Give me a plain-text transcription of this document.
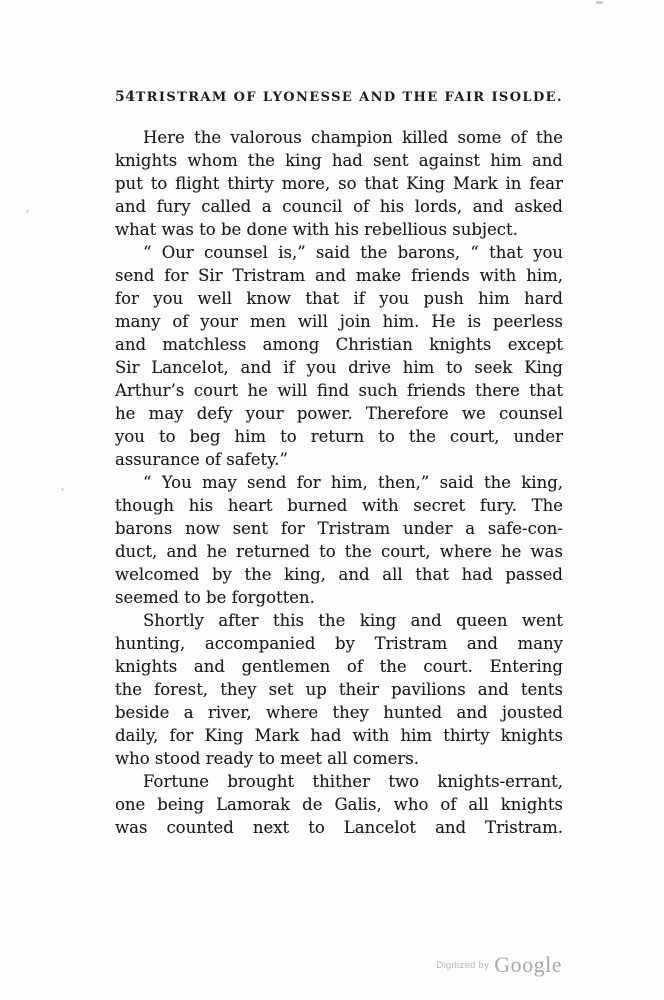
54 TRISTRAM OF LYONESSE AND THE FAIR ISOLDE.
Here the valorous champion killed some of the
knights whom the king had sent against him and
put to flight thirty more, so that King Mark in fear
and fury called a council of his lords, and asked
what was to be done with his rebellious subject.
“ Our counsel is,” said the barons, “ that you
send for Sir Tristram and make friends with him,
for you well know that if you push him hard
many of your men will join him. He is peerless
and matchless among Christian knights except
Sir Lancelot, and if you drive him to seek King
Arthur’s court he will find such friends there that
he may defy your power. Therefore we counsel
you to beg him to return to the court, under
assurance of safety.”
“ You may send for him, then,” said the king,
though his heart burned with secret fury. The
barons now sent for Tristram under a safe-con-
duct, and he returned to the court, where he was
welcomed by the king, and all that had passed
seemed to be forgotten.
Shortly after this the king and queen went
hunting, accompanied by Tristram and many
knights and gentlemen of the court. Entering
the forest, they set up their pavilions and tents
beside a river, where they hunted and jousted
daily, for King Mark had with him thirty knights
who stood ready to meet all comers.
Fortune brought thither two knights-errant,
one being Lamorak de Galis, who of all knights
was counted next to Lancelot and Tristram.
$^{Digitized by}$ Google
